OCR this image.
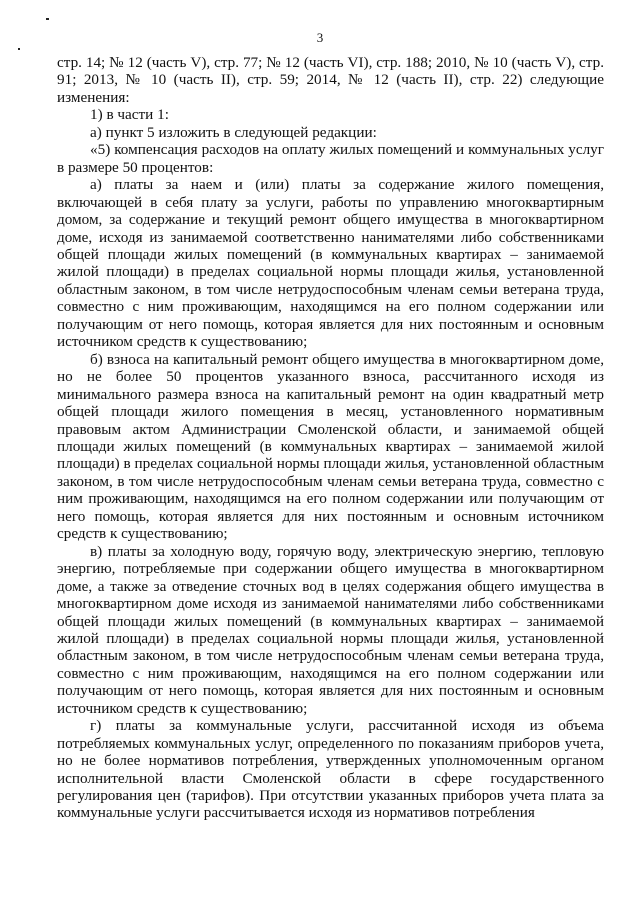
3

стр. 14; № 12 (часть V), стр. 77; № 12 (часть VI), стр. 188; 2010, № 10 (часть V), стр. 91; 2013, № 10 (часть II), стр. 59; 2014, № 12 (часть II), стр. 22) следующие изменения:

1) в части 1:

а) пункт 5 изложить в следующей редакции:

«5) компенсация расходов на оплату жилых помещений и коммунальных услуг в размере 50 процентов:

а) платы за наем и (или) платы за содержание жилого помещения, включающей в себя плату за услуги, работы по управлению многоквартирным домом, за содержание и текущий ремонт общего имущества в многоквартирном доме, исходя из занимаемой соответственно нанимателями либо собственниками общей площади жилых помещений (в коммунальных квартирах – занимаемой жилой площади) в пределах социальной нормы площади жилья, установленной областным законом, в том числе нетрудоспособным членам семьи ветерана труда, совместно с ним проживающим, находящимся на его полном содержании или получающим от него помощь, которая является для них постоянным и основным источником средств к существованию;

б) взноса на капитальный ремонт общего имущества в многоквартирном доме, но не более 50 процентов указанного взноса, рассчитанного исходя из минимального размера взноса на капитальный ремонт на один квадратный метр общей площади жилого помещения в месяц, установленного нормативным правовым актом Администрации Смоленской области, и занимаемой общей площади жилых помещений (в коммунальных квартирах – занимаемой жилой площади) в пределах социальной нормы площади жилья, установленной областным законом, в том числе нетрудоспособным членам семьи ветерана труда, совместно с ним проживающим, находящимся на его полном содержании или получающим от него помощь, которая является для них постоянным и основным источником средств к существованию;

в) платы за холодную воду, горячую воду, электрическую энергию, тепловую энергию, потребляемые при содержании общего имущества в многоквартирном доме, а также за отведение сточных вод в целях содержания общего имущества в многоквартирном доме исходя из занимаемой нанимателями либо собственниками общей площади жилых помещений (в коммунальных квартирах – занимаемой жилой площади) в пределах социальной нормы площади жилья, установленной областным законом, в том числе нетрудоспособным членам семьи ветерана труда, совместно с ним проживающим, находящимся на его полном содержании или получающим от него помощь, которая является для них постоянным и основным источником средств к существованию;

г) платы за коммунальные услуги, рассчитанной исходя из объема потребляемых коммунальных услуг, определенного по показаниям приборов учета, но не более нормативов потребления, утвержденных уполномоченным органом исполнительной власти Смоленской области в сфере государственного регулирования цен (тарифов). При отсутствии указанных приборов учета плата за коммунальные услуги рассчитывается исходя из нормативов потребления
